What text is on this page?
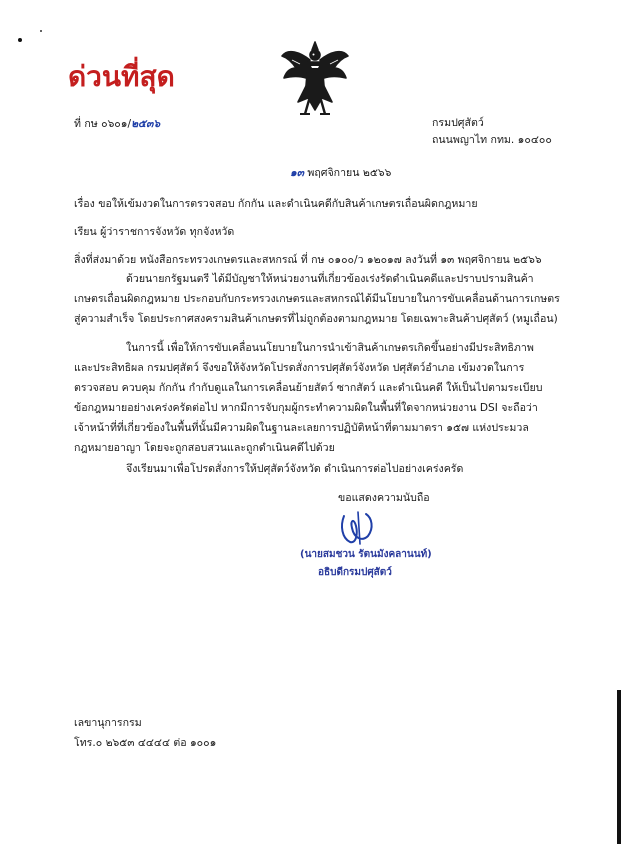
ด่วนที่สุด
ที่ กษ ๐๖๐๑/๒๕๓๖	กรมปศุสัตว์
ถนนพญาไท กทม. ๑๐๔๐๐
๑๓ พฤศจิกายน ๒๕๖๖
เรื่อง ขอให้เข้มงวดในการตรวจสอบ กักกัน และดำเนินคดีกับสินค้าเกษตรเถื่อนผิดกฎหมาย
เรียน ผู้ว่าราชการจังหวัด ทุกจังหวัด
สิ่งที่ส่งมาด้วย หนังสือกระทรวงเกษตรและสหกรณ์ ที่ กษ ๐๑๐๐/ว ๑๒๐๑๗ ลงวันที่ ๑๓ พฤศจิกายน ๒๕๖๖
ด้วยนายกรัฐมนตรี ได้มีบัญชาให้หน่วยงานที่เกี่ยวข้องเร่งรัดดำเนินคดีและปราบปรามสินค้า
เกษตรเถื่อนผิดกฎหมาย ประกอบกับกระทรวงเกษตรและสหกรณ์ได้มีนโยบายในการขับเคลื่อนด้านการเกษตร
สู่ความสำเร็จ โดยประกาศสงครามสินค้าเกษตรที่ไม่ถูกต้องตามกฎหมาย โดยเฉพาะสินค้าปศุสัตว์ (หมูเถื่อน)
ในการนี้ เพื่อให้การขับเคลื่อนนโยบายในการนำเข้าสินค้าเกษตรเกิดขึ้นอย่างมีประสิทธิภาพ
และประสิทธิผล กรมปศุสัตว์ จึงขอให้จังหวัดโปรดสั่งการปศุสัตว์จังหวัด ปศุสัตว์อำเภอ เข้มงวดในการ
ตรวจสอบ ควบคุม กักกัน กำกับดูแลในการเคลื่อนย้ายสัตว์ ซากสัตว์ และดำเนินคดี ให้เป็นไปตามระเบียบ
ข้อกฎหมายอย่างเคร่งครัดต่อไป หากมีการจับกุมผู้กระทำความผิดในพื้นที่ใดจากหน่วยงาน DSI จะถือว่า
เจ้าหน้าที่ที่เกี่ยวข้องในพื้นที่นั้นมีความผิดในฐานละเลยการปฏิบัติหน้าที่ตามมาตรา ๑๕๗ แห่งประมวล
กฎหมายอาญา โดยจะถูกสอบสวนและถูกดำเนินคดีไปด้วย
จึงเรียนมาเพื่อโปรดสั่งการให้ปศุสัตว์จังหวัด ดำเนินการต่อไปอย่างเคร่งครัด
ขอแสดงความนับถือ
(นายสมชวน รัตนมังคลานนท์)
อธิบดีกรมปศุสัตว์
เลขานุการกรม
โทร.๐ ๒๖๕๓ ๔๔๔๔ ต่อ ๑๐๐๑
